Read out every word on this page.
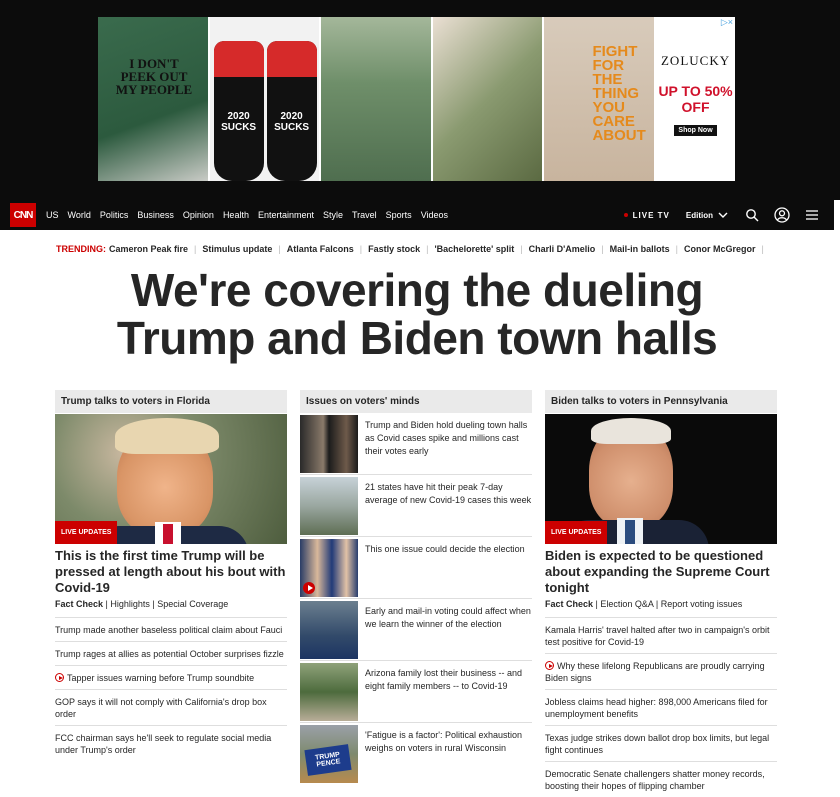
I DON'T PEEK OUT MY PEOPLE
2020 SUCKS
2020 SUCKS
FIGHT FOR THE THING YOU CARE ABOUT
ZOLUCKY
UP TO 50% OFF
Shop Now
▷×
CNN	US World Politics Business Opinion Health Entertainment Style Travel Sports Videos	LIVE TV Edition
TRENDING: Cameron Peak fire | Stimulus update | Atlanta Falcons | Fastly stock | 'Bachelorette' split | Charli D'Amelio | Mail-in ballots | Conor McGregor |
We're covering the dueling
Trump and Biden town halls
Trump talks to voters in Florida
LIVE UPDATES
This is the first time Trump will be pressed at length about his bout with Covid-19
Fact Check | Highlights | Special Coverage
Trump made another baseless political claim about Fauci
Trump rages at allies as potential October surprises fizzle
Tapper issues warning before Trump soundbite
GOP says it will not comply with California's drop box order
FCC chairman says he'll seek to regulate social media under Trump's order
Issues on voters' minds
Trump and Biden hold dueling town halls as Covid cases spike and millions cast their votes early
21 states have hit their peak 7-day average of new Covid-19 cases this week
This one issue could decide the election
Early and mail-in voting could affect when we learn the winner of the election
Arizona family lost their business -- and eight family members -- to Covid-19
TRUMP PENCE
'Fatigue is a factor': Political exhaustion weighs on voters in rural Wisconsin
Biden talks to voters in Pennsylvania
LIVE UPDATES
Biden is expected to be questioned about expanding the Supreme Court tonight
Fact Check | Election Q&A | Report voting issues
Kamala Harris' travel halted after two in campaign's orbit test positive for Covid-19
Why these lifelong Republicans are proudly carrying Biden signs
Jobless claims head higher: 898,000 Americans filed for unemployment benefits
Texas judge strikes down ballot drop box limits, but legal fight continues
Democratic Senate challengers shatter money records, boosting their hopes of flipping chamber
